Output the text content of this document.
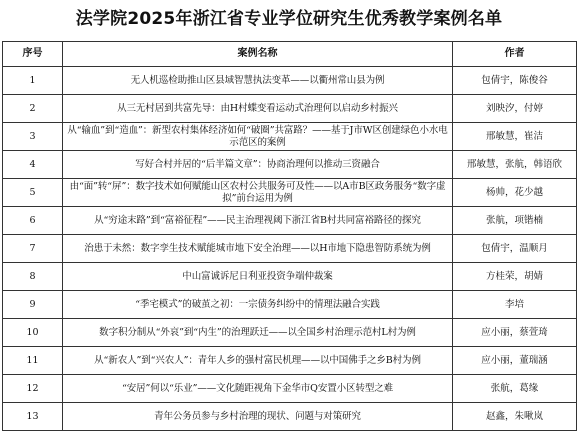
法学院2025年浙江省专业学位研究生优秀教学案例名单
序号	案例名称	作者
1	无人机巡检助推山区县域智慧执法变革——以衢州常山县为例	包倩宇，陈俊谷
2	从三无村居到共富先导：由H村蝶变看运动式治理何以启动乡村振兴	刘映汐，付婷
3	从“输血”到“造血”：新型农村集体经济如何“破圈”共富路？——基于J市W区创建绿色小水电示范区的案例	邢敏慧，崔洁
4	写好合村并居的“后半篇文章”：协商治理何以推动三资融合	邢敏慧，张航，韩语欣
5	由“面”转“屏”：数字技术如何赋能山区农村公共服务可及性——以A市B区政务服务“数字虚拟”前台运用为例	杨帅，花少越
6	从“穷途末路”到“富裕征程”——民主治理视阈下浙江省B村共同富裕路径的探究	张航，项锴楠
7	治患于未然：数字孪生技术赋能城市地下安全治理——以H市地下隐患智防系统为例	包倩宇，温顺月
8	中山富诚诉尼日利亚投资争端仲裁案	方桂荣，胡婧
9	“季宅模式”的破茧之初：一宗债务纠纷中的情理法融合实践	李培
10	数字积分制从“外哀”到“内生”的治理跃迁——以全国乡村治理示范村L村为例	应小丽，蔡萱琦
11	从“新农人”到“兴农人”：青年人乡的强村富民机理——以中国佛手之乡B村为例	应小丽，董瑞涵
12	“安居”何以“乐业”——文化随距视角下金华市Q安置小区转型之难	张航，葛缘
13	青年公务员参与乡村治理的现状、问题与对策研究	赵鑫，朱啾岚
